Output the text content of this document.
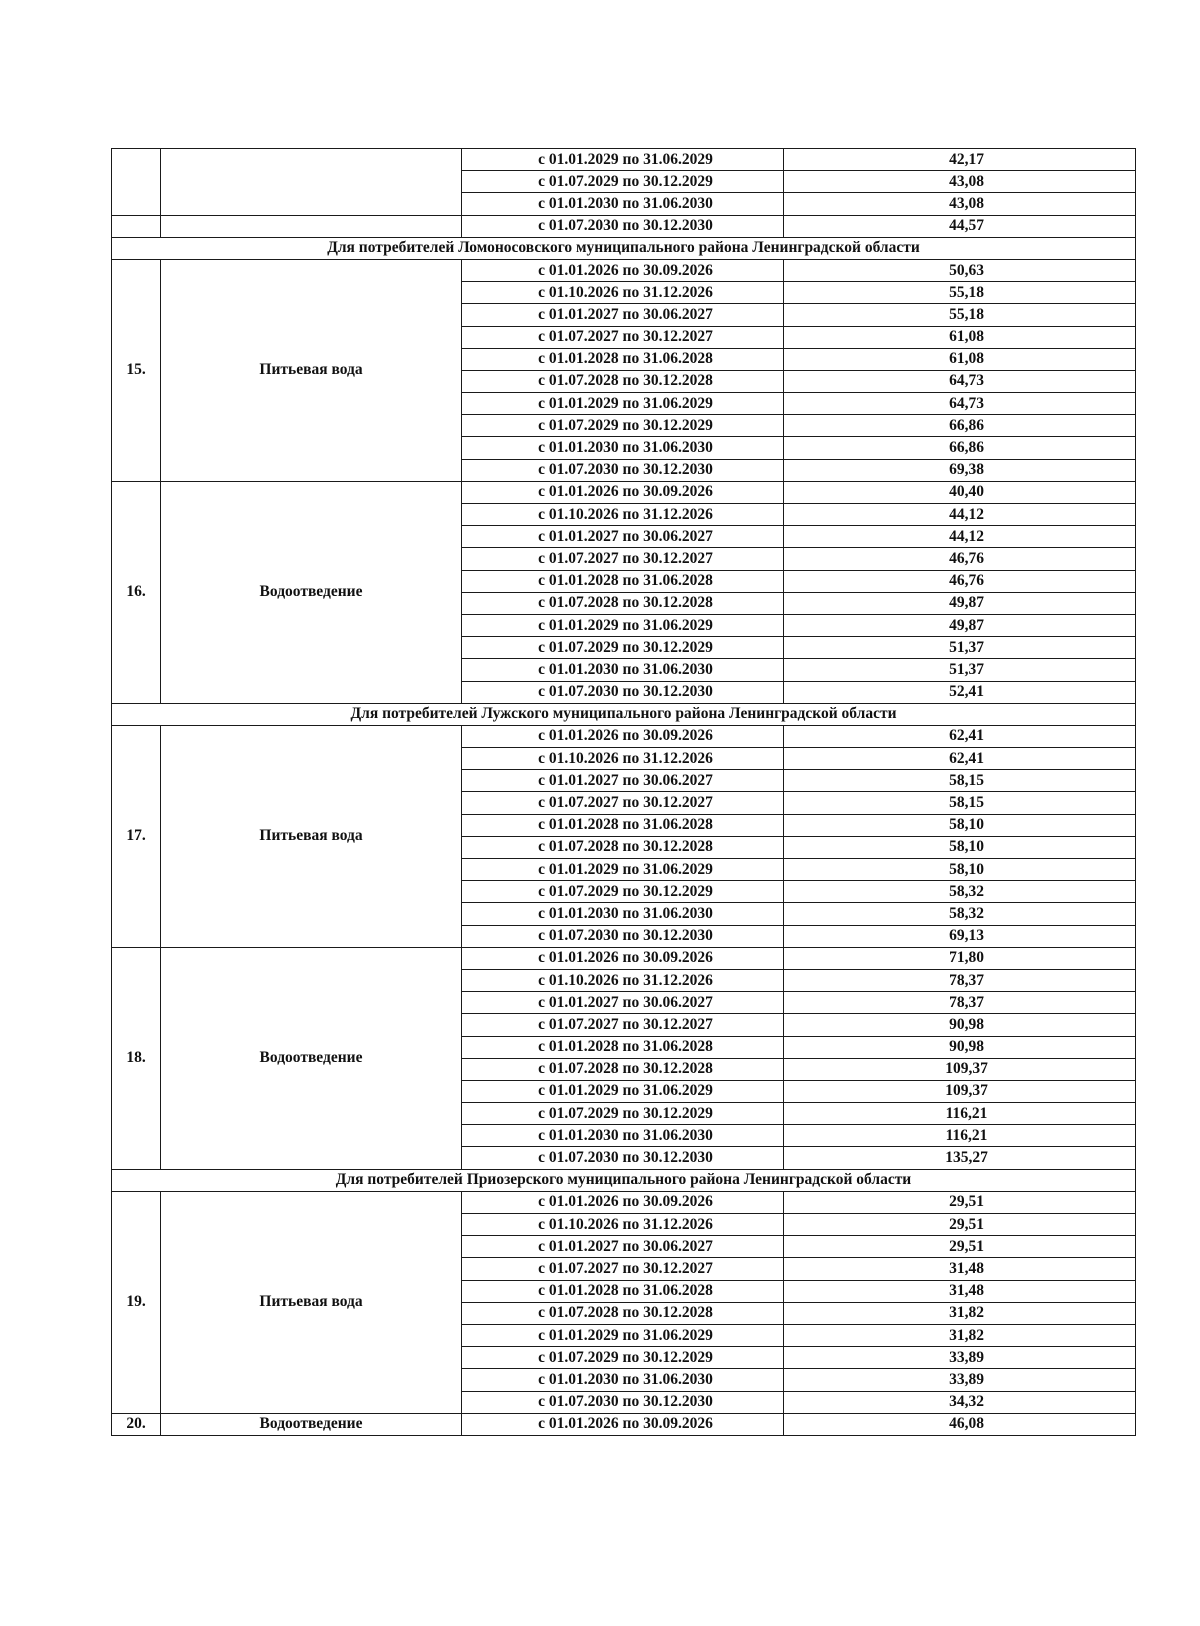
		с 01.01.2029 по 31.06.2029	42,17
		с 01.07.2029 по 30.12.2029	43,08
		с 01.01.2030 по 31.06.2030	43,08
		с 01.07.2030 по 30.12.2030	44,57
Для потребителей Ломоносовского муниципального района Ленинградской области			
15.	Питьевая вода	с 01.01.2026 по 30.09.2026	50,63
		с 01.10.2026 по 31.12.2026	55,18
		с 01.01.2027 по 30.06.2027	55,18
		с 01.07.2027 по 30.12.2027	61,08
		с 01.01.2028 по 31.06.2028	61,08
		с 01.07.2028 по 30.12.2028	64,73
		с 01.01.2029 по 31.06.2029	64,73
		с 01.07.2029 по 30.12.2029	66,86
		с 01.01.2030 по 31.06.2030	66,86
		с 01.07.2030 по 30.12.2030	69,38
16.	Водоотведение	с 01.01.2026 по 30.09.2026	40,40
		с 01.10.2026 по 31.12.2026	44,12
		с 01.01.2027 по 30.06.2027	44,12
		с 01.07.2027 по 30.12.2027	46,76
		с 01.01.2028 по 31.06.2028	46,76
		с 01.07.2028 по 30.12.2028	49,87
		с 01.01.2029 по 31.06.2029	49,87
		с 01.07.2029 по 30.12.2029	51,37
		с 01.01.2030 по 31.06.2030	51,37
		с 01.07.2030 по 30.12.2030	52,41
Для потребителей Лужского муниципального района Ленинградской области			
17.	Питьевая вода	с 01.01.2026 по 30.09.2026	62,41
		с 01.10.2026 по 31.12.2026	62,41
		с 01.01.2027 по 30.06.2027	58,15
		с 01.07.2027 по 30.12.2027	58,15
		с 01.01.2028 по 31.06.2028	58,10
		с 01.07.2028 по 30.12.2028	58,10
		с 01.01.2029 по 31.06.2029	58,10
		с 01.07.2029 по 30.12.2029	58,32
		с 01.01.2030 по 31.06.2030	58,32
		с 01.07.2030 по 30.12.2030	69,13
18.	Водоотведение	с 01.01.2026 по 30.09.2026	71,80
		с 01.10.2026 по 31.12.2026	78,37
		с 01.01.2027 по 30.06.2027	78,37
		с 01.07.2027 по 30.12.2027	90,98
		с 01.01.2028 по 31.06.2028	90,98
		с 01.07.2028 по 30.12.2028	109,37
		с 01.01.2029 по 31.06.2029	109,37
		с 01.07.2029 по 30.12.2029	116,21
		с 01.01.2030 по 31.06.2030	116,21
		с 01.07.2030 по 30.12.2030	135,27
Для потребителей Приозерского муниципального района Ленинградской области			
19.	Питьевая вода	с 01.01.2026 по 30.09.2026	29,51
		с 01.10.2026 по 31.12.2026	29,51
		с 01.01.2027 по 30.06.2027	29,51
		с 01.07.2027 по 30.12.2027	31,48
		с 01.01.2028 по 31.06.2028	31,48
		с 01.07.2028 по 30.12.2028	31,82
		с 01.01.2029 по 31.06.2029	31,82
		с 01.07.2029 по 30.12.2029	33,89
		с 01.01.2030 по 31.06.2030	33,89
		с 01.07.2030 по 30.12.2030	34,32
20.	Водоотведение	с 01.01.2026 по 30.09.2026	46,08
